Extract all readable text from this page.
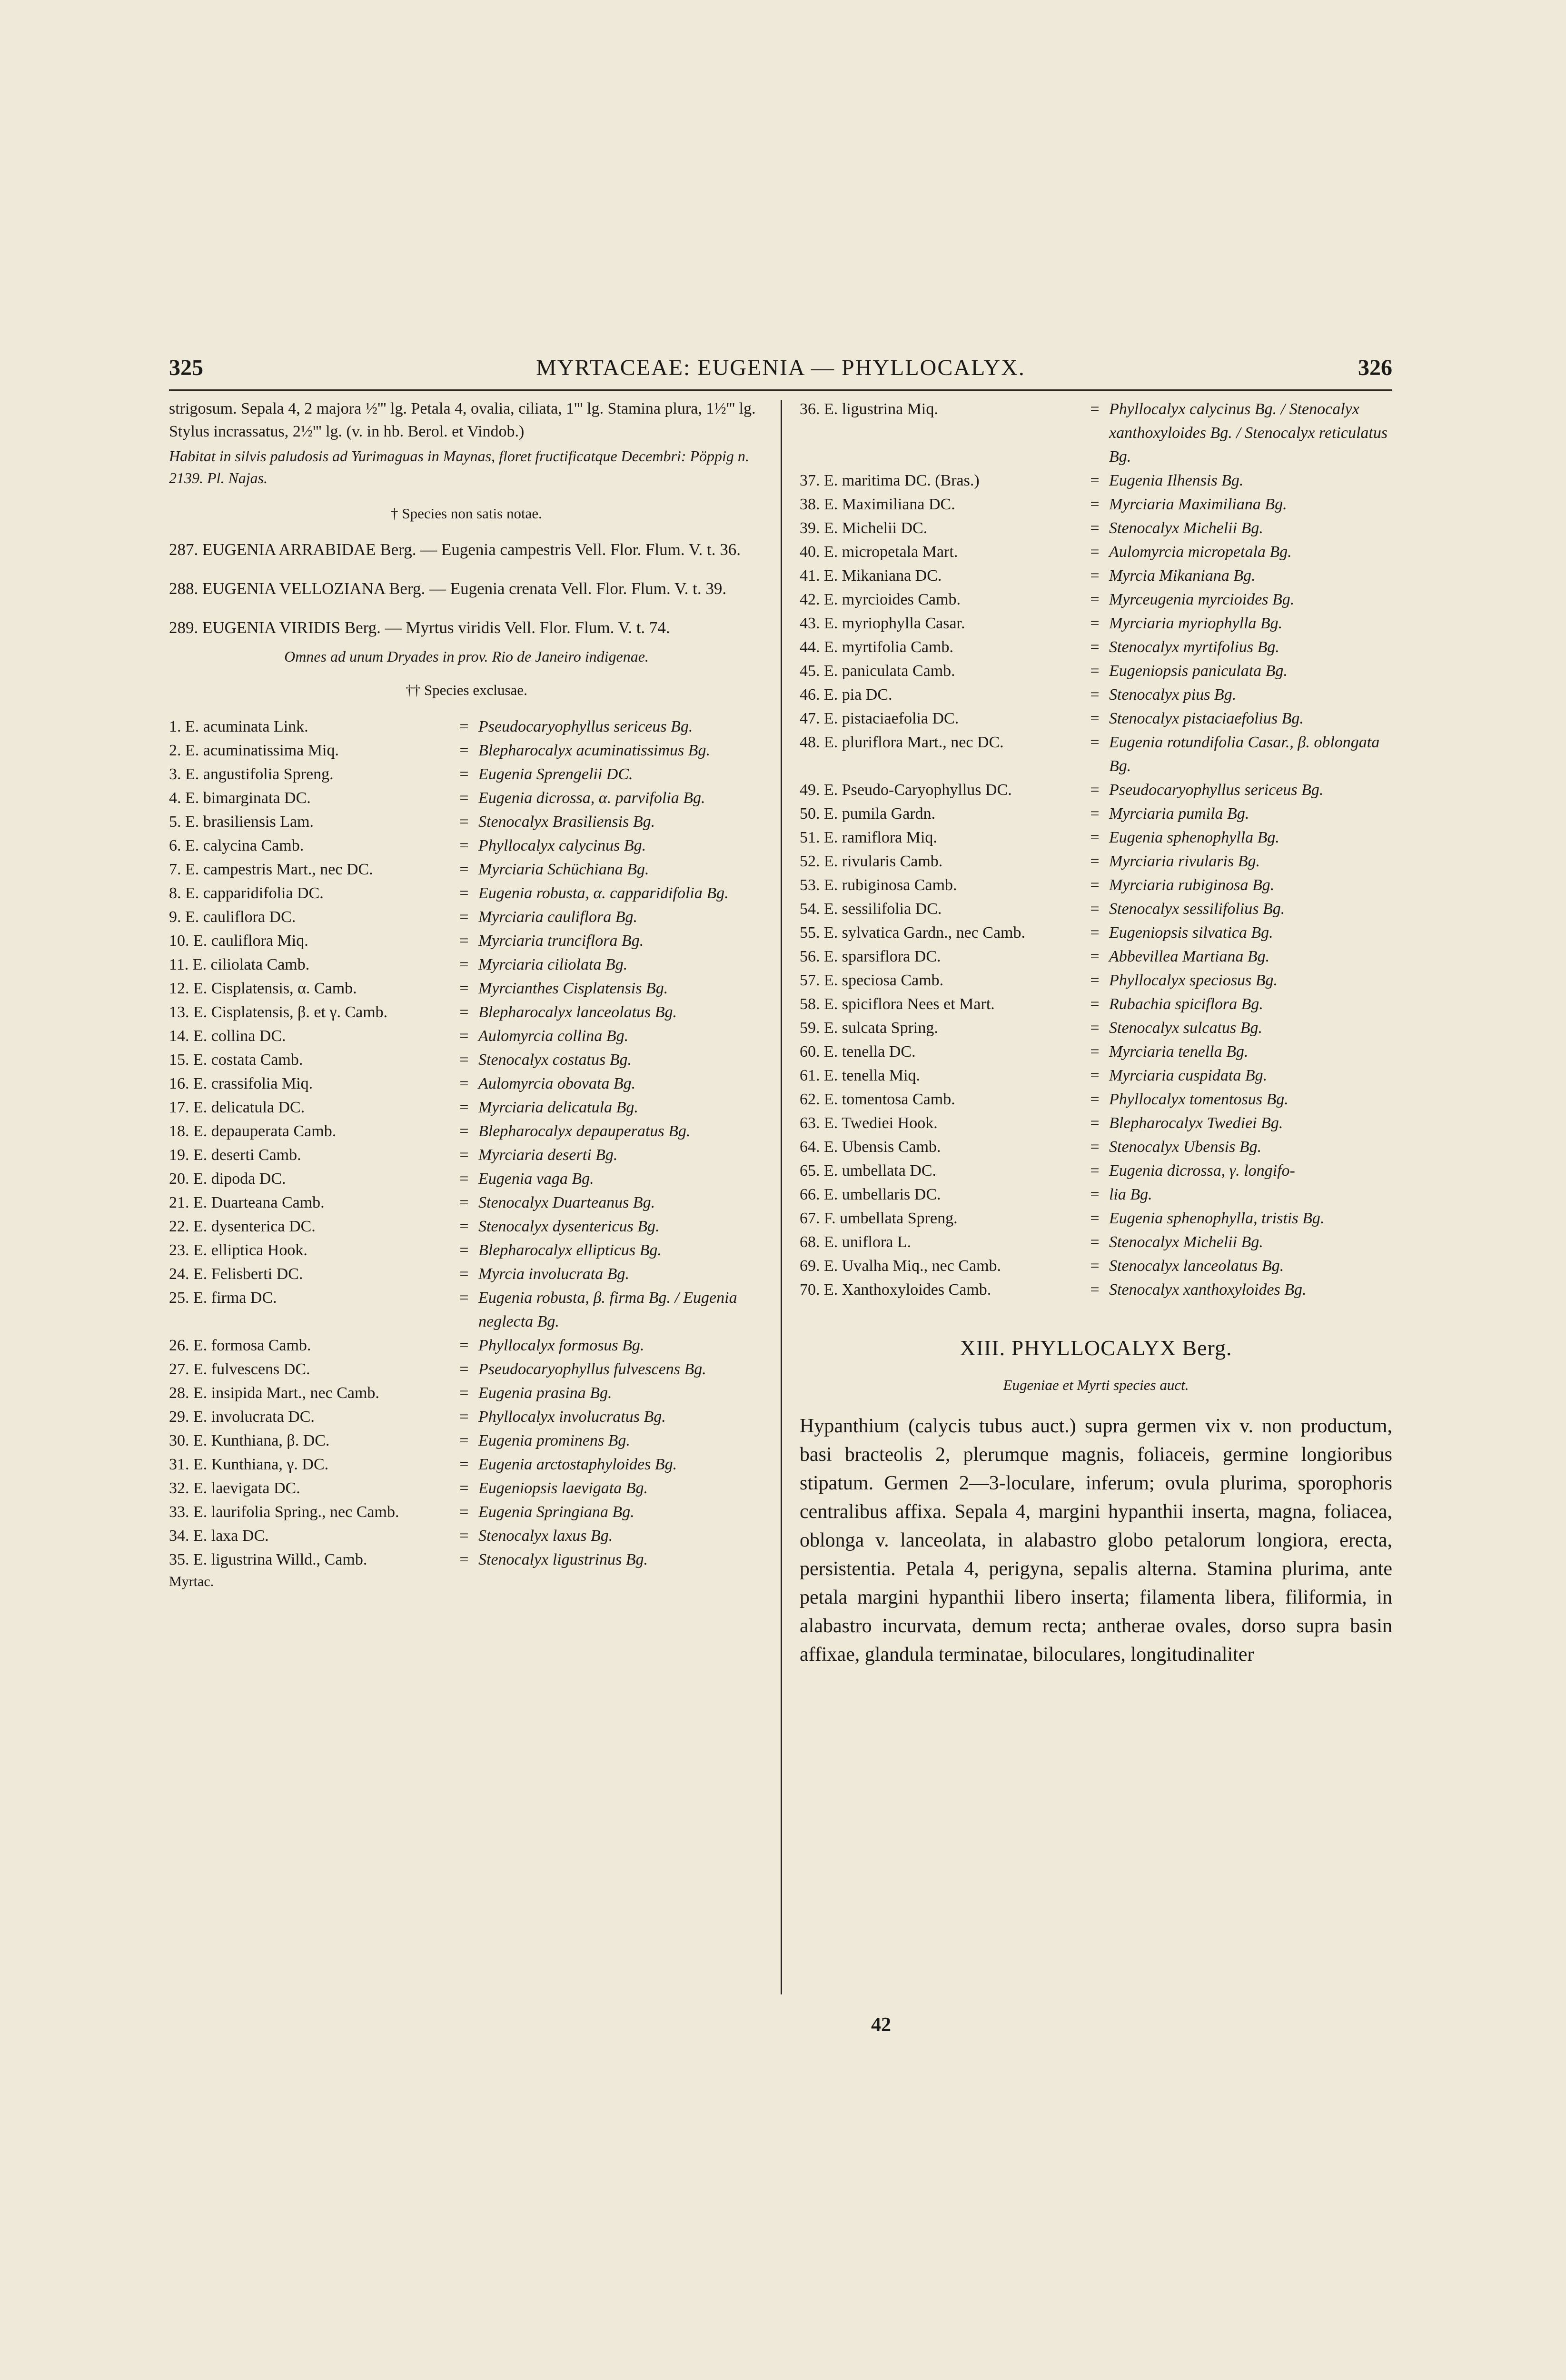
325	MYRTACEAE: EUGENIA — PHYLLOCALYX.	326

strigosum. Sepala 4, 2 majora ½''' lg. Petala 4, ovalia, ciliata, 1''' lg. Stamina plura, 1½''' lg. Stylus incrassatus, 2½''' lg. (v. in hb. Berol. et Vindob.)

Habitat in silvis paludosis ad Yurimaguas in Maynas, floret fructificatque Decembri: Pöppig n. 2139. Pl. Najas.

† Species non satis notae.

287. EUGENIA ARRABIDAE Berg. — Eugenia campestris Vell. Flor. Flum. V. t. 36.

288. EUGENIA VELLOZIANA Berg. — Eugenia crenata Vell. Flor. Flum. V. t. 39.

289. EUGENIA VIRIDIS Berg. — Myrtus viridis Vell. Flor. Flum. V. t. 74.

Omnes ad unum Dryades in prov. Rio de Janeiro indigenae.

†† Species exclusae.

1. E. acuminata Link.	= Pseudocaryophyllus sericeus Bg.
2. E. acuminatissima Miq.	= Blepharocalyx acuminatissimus Bg.
3. E. angustifolia Spreng.	= Eugenia Sprengelii DC.
4. E. bimarginata DC.	= Eugenia dicrossa, α. parvifolia Bg.
5. E. brasiliensis Lam.	= Stenocalyx Brasiliensis Bg.
6. E. calycina Camb.	= Phyllocalyx calycinus Bg.
7. E. campestris Mart., nec DC.	= Myrciaria Schüchiana Bg.
8. E. capparidifolia DC.	= Eugenia robusta, α. capparidifolia Bg.
9. E. cauliflora DC.	= Myrciaria cauliflora Bg.
10. E. cauliflora Miq.	= Myrciaria trunciflora Bg.
11. E. ciliolata Camb.	= Myrciaria ciliolata Bg.
12. E. Cisplatensis, α. Camb.	= Myrcianthes Cisplatensis Bg.
13. E. Cisplatensis, β. et γ. Camb.	= Blepharocalyx lanceolatus Bg.
14. E. collina DC.	= Aulomyrcia collina Bg.
15. E. costata Camb.	= Stenocalyx costatus Bg.
16. E. crassifolia Miq.	= Aulomyrcia obovata Bg.
17. E. delicatula DC.	= Myrciaria delicatula Bg.
18. E. depauperata Camb.	= Blepharocalyx depauperatus Bg.
19. E. deserti Camb.	= Myrciaria deserti Bg.
20. E. dipoda DC.	= Eugenia vaga Bg.
21. E. Duarteana Camb.	= Stenocalyx Duarteanus Bg.
22. E. dysenterica DC.	= Stenocalyx dysentericus Bg.
23. E. elliptica Hook.	= Blepharocalyx ellipticus Bg.
24. E. Felisberti DC.	= Myrcia involucrata Bg.
25. E. firma DC.	= Eugenia robusta, β. firma Bg. / Eugenia neglecta Bg.
26. E. formosa Camb.	= Phyllocalyx formosus Bg.
27. E. fulvescens DC.	= Pseudocaryophyllus fulvescens Bg.
28. E. insipida Mart., nec Camb.	= Eugenia prasina Bg.
29. E. involucrata DC.	= Phyllocalyx involucratus Bg.
30. E. Kunthiana, β. DC.	= Eugenia prominens Bg.
31. E. Kunthiana, γ. DC.	= Eugenia arctostaphyloides Bg.
32. E. laevigata DC.	= Eugeniopsis laevigata Bg.
33. E. laurifolia Spring., nec Camb.	= Eugenia Springiana Bg.
34. E. laxa DC.	= Stenocalyx laxus Bg.
35. E. ligustrina Willd., Camb.	= Stenocalyx ligustrinus Bg.

Myrtac.

36. E. ligustrina Miq.	= Phyllocalyx calycinus Bg. / Stenocalyx xanthoxyloides Bg. / Stenocalyx reticulatus Bg.
37. E. maritima DC. (Bras.)	= Eugenia Ilhensis Bg.
38. E. Maximiliana DC.	= Myrciaria Maximiliana Bg.
39. E. Michelii DC.	= Stenocalyx Michelii Bg.
40. E. micropetala Mart.	= Aulomyrcia micropetala Bg.
41. E. Mikaniana DC.	= Myrcia Mikaniana Bg.
42. E. myrcioides Camb.	= Myrceugenia myrcioides Bg.
43. E. myriophylla Casar.	= Myrciaria myriophylla Bg.
44. E. myrtifolia Camb.	= Stenocalyx myrtifolius Bg.
45. E. paniculata Camb.	= Eugeniopsis paniculata Bg.
46. E. pia DC.	= Stenocalyx pius Bg.
47. E. pistaciaefolia DC.	= Stenocalyx pistaciaefolius Bg.
48. E. pluriflora Mart., nec DC.	= Eugenia rotundifolia Casar., β. oblongata Bg.
49. E. Pseudo-Caryophyllus DC.	= Pseudocaryophyllus sericeus Bg.
50. E. pumila Gardn.	= Myrciaria pumila Bg.
51. E. ramiflora Miq.	= Eugenia sphenophylla Bg.
52. E. rivularis Camb.	= Myrciaria rivularis Bg.
53. E. rubiginosa Camb.	= Myrciaria rubiginosa Bg.
54. E. sessilifolia DC.	= Stenocalyx sessilifolius Bg.
55. E. sylvatica Gardn., nec Camb.	= Eugeniopsis silvatica Bg.
56. E. sparsiflora DC.	= Abbevillea Martiana Bg.
57. E. speciosa Camb.	= Phyllocalyx speciosus Bg.
58. E. spiciflora Nees et Mart.	= Rubachia spiciflora Bg.
59. E. sulcata Spring.	= Stenocalyx sulcatus Bg.
60. E. tenella DC.	= Myrciaria tenella Bg.
61. E. tenella Miq.	= Myrciaria cuspidata Bg.
62. E. tomentosa Camb.	= Phyllocalyx tomentosus Bg.
63. E. Twediei Hook.	= Blepharocalyx Twediei Bg.
64. E. Ubensis Camb.	= Stenocalyx Ubensis Bg.
65. E. umbellata DC.	= Eugenia dicrossa, γ. longifo-
66. E. umbellaris DC.	= lia Bg.
67. F. umbellata Spreng.	= Eugenia sphenophylla, tristis Bg.
68. E. uniflora L.	= Stenocalyx Michelii Bg.
69. E. Uvalha Miq., nec Camb.	= Stenocalyx lanceolatus Bg.
70. E. Xanthoxyloides Camb.	= Stenocalyx xanthoxyloides Bg.

XIII. PHYLLOCALYX Berg.

Eugeniae et Myrti species auct.

Hypanthium (calycis tubus auct.) supra germen vix v. non productum, basi bracteolis 2, plerumque magnis, foliaceis, germine longioribus stipatum. Germen 2—3-loculare, inferum; ovula plurima, sporophoris centralibus affixa. Sepala 4, margini hypanthii inserta, magna, foliacea, oblonga v. lanceolata, in alabastro globo petalorum longiora, erecta, persistentia. Petala 4, perigyna, sepalis alterna. Stamina plurima, ante petala margini hypanthii libero inserta; filamenta libera, filiformia, in alabastro incurvata, demum recta; antherae ovales, dorso supra basin affixae, glandula terminatae, biloculares, longitudinaliter

42
